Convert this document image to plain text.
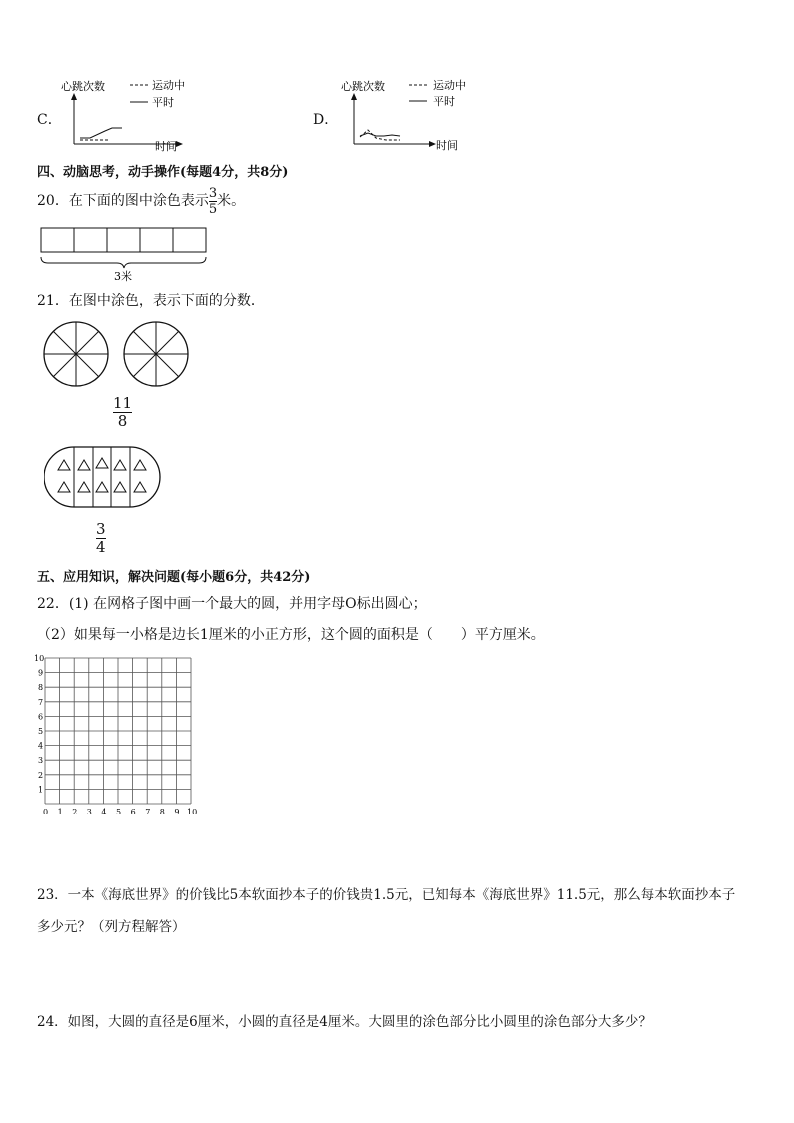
C．
心跳次数
时间
运动中
平时
D．
心跳次数
时间
运动中
平时
四、动脑思考，动手操作(每题4分，共8分)
20．在下面的图中涂色表示 $\frac{3}{5}$ 米。
3米
21．在图中涂色，表示下面的分数．
$\frac{11}{8}$
$\frac{3}{4}$
五、应用知识，解决问题(每小题6分，共42分)
22．(1) 在网格子图中画一个最大的圆，并用字母O标出圆心；
（2）如果每一小格是边长1厘米的小正方形，这个圆的面积是（　　）平方厘米。
0 1 2 3 4 5 6 7 8 9 10
10
9
8
7
6
5
4
3
2
1
23．一本《海底世界》的价钱比5本软面抄本子的价钱贵1.5元，已知每本《海底世界》11.5元，那么每本软面抄本子
多少元？（列方程解答）
24．如图，大圆的直径是6厘米，小圆的直径是4厘米。大圆里的涂色部分比小圆里的涂色部分大多少？
